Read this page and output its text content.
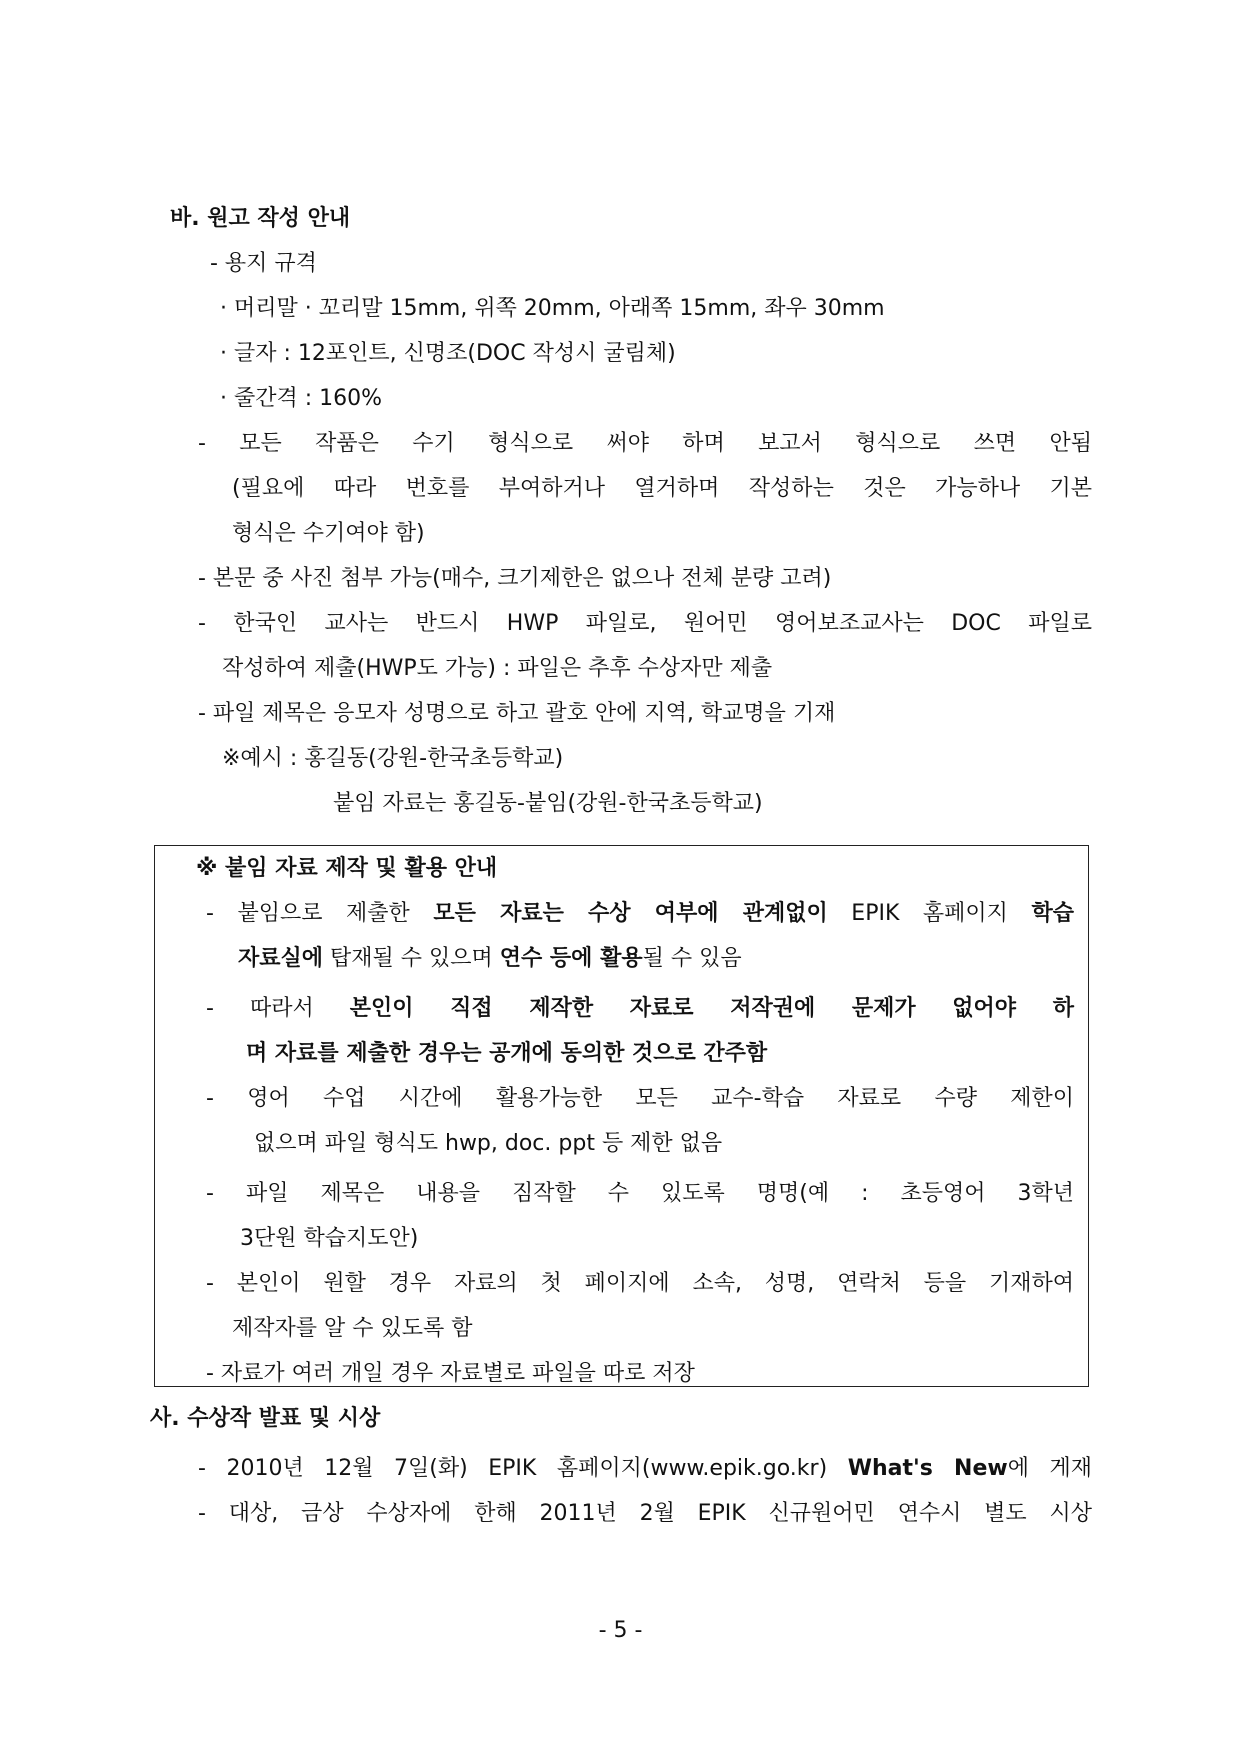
바. 원고 작성 안내
- 용지 규격
· 머리말 · 꼬리말 15mm, 위쪽 20mm, 아래쪽 15mm, 좌우 30mm
· 글자 : 12포인트, 신명조(DOC 작성시 굴림체)
· 줄간격 : 160%
- 모든 작품은 수기 형식으로 써야 하며 보고서 형식으로 쓰면 안됨
(필요에 따라 번호를 부여하거나 열거하며 작성하는 것은 가능하나 기본
형식은 수기여야 함)
- 본문 중 사진 첨부 가능(매수, 크기제한은 없으나 전체 분량 고려)
- 한국인 교사는 반드시 HWP 파일로, 원어민 영어보조교사는 DOC 파일로
작성하여 제출(HWP도 가능) : 파일은 추후 수상자만 제출
- 파일 제목은 응모자 성명으로 하고 괄호 안에 지역, 학교명을 기재
※예시 : 홍길동(강원-한국초등학교)
붙임 자료는 홍길동-붙임(강원-한국초등학교)
※ 붙임 자료 제작 및 활용 안내
- 붙임으로 제출한 모든 자료는 수상 여부에 관계없이 EPIK 홈페이지 학습
자료실에 탑재될 수 있으며 연수 등에 활용될 수 있음
- 따라서 본인이 직접 제작한 자료로 저작권에 문제가 없어야 하
며 자료를 제출한 경우는 공개에 동의한 것으로 간주함
- 영어 수업 시간에 활용가능한 모든 교수-학습 자료로 수량 제한이
없으며 파일 형식도 hwp, doc. ppt 등 제한 없음
- 파일 제목은 내용을 짐작할 수 있도록 명명(예 : 초등영어 3학년
3단원 학습지도안)
- 본인이 원할 경우 자료의 첫 페이지에 소속, 성명, 연락처 등을 기재하여
제작자를 알 수 있도록 함
- 자료가 여러 개일 경우 자료별로 파일을 따로 저장
사. 수상작 발표 및 시상
- 2010년 12월 7일(화) EPIK 홈페이지(www.epik.go.kr) What's New에 게재
- 대상, 금상 수상자에 한해 2011년 2월 EPIK 신규원어민 연수시 별도 시상
- 5 -
